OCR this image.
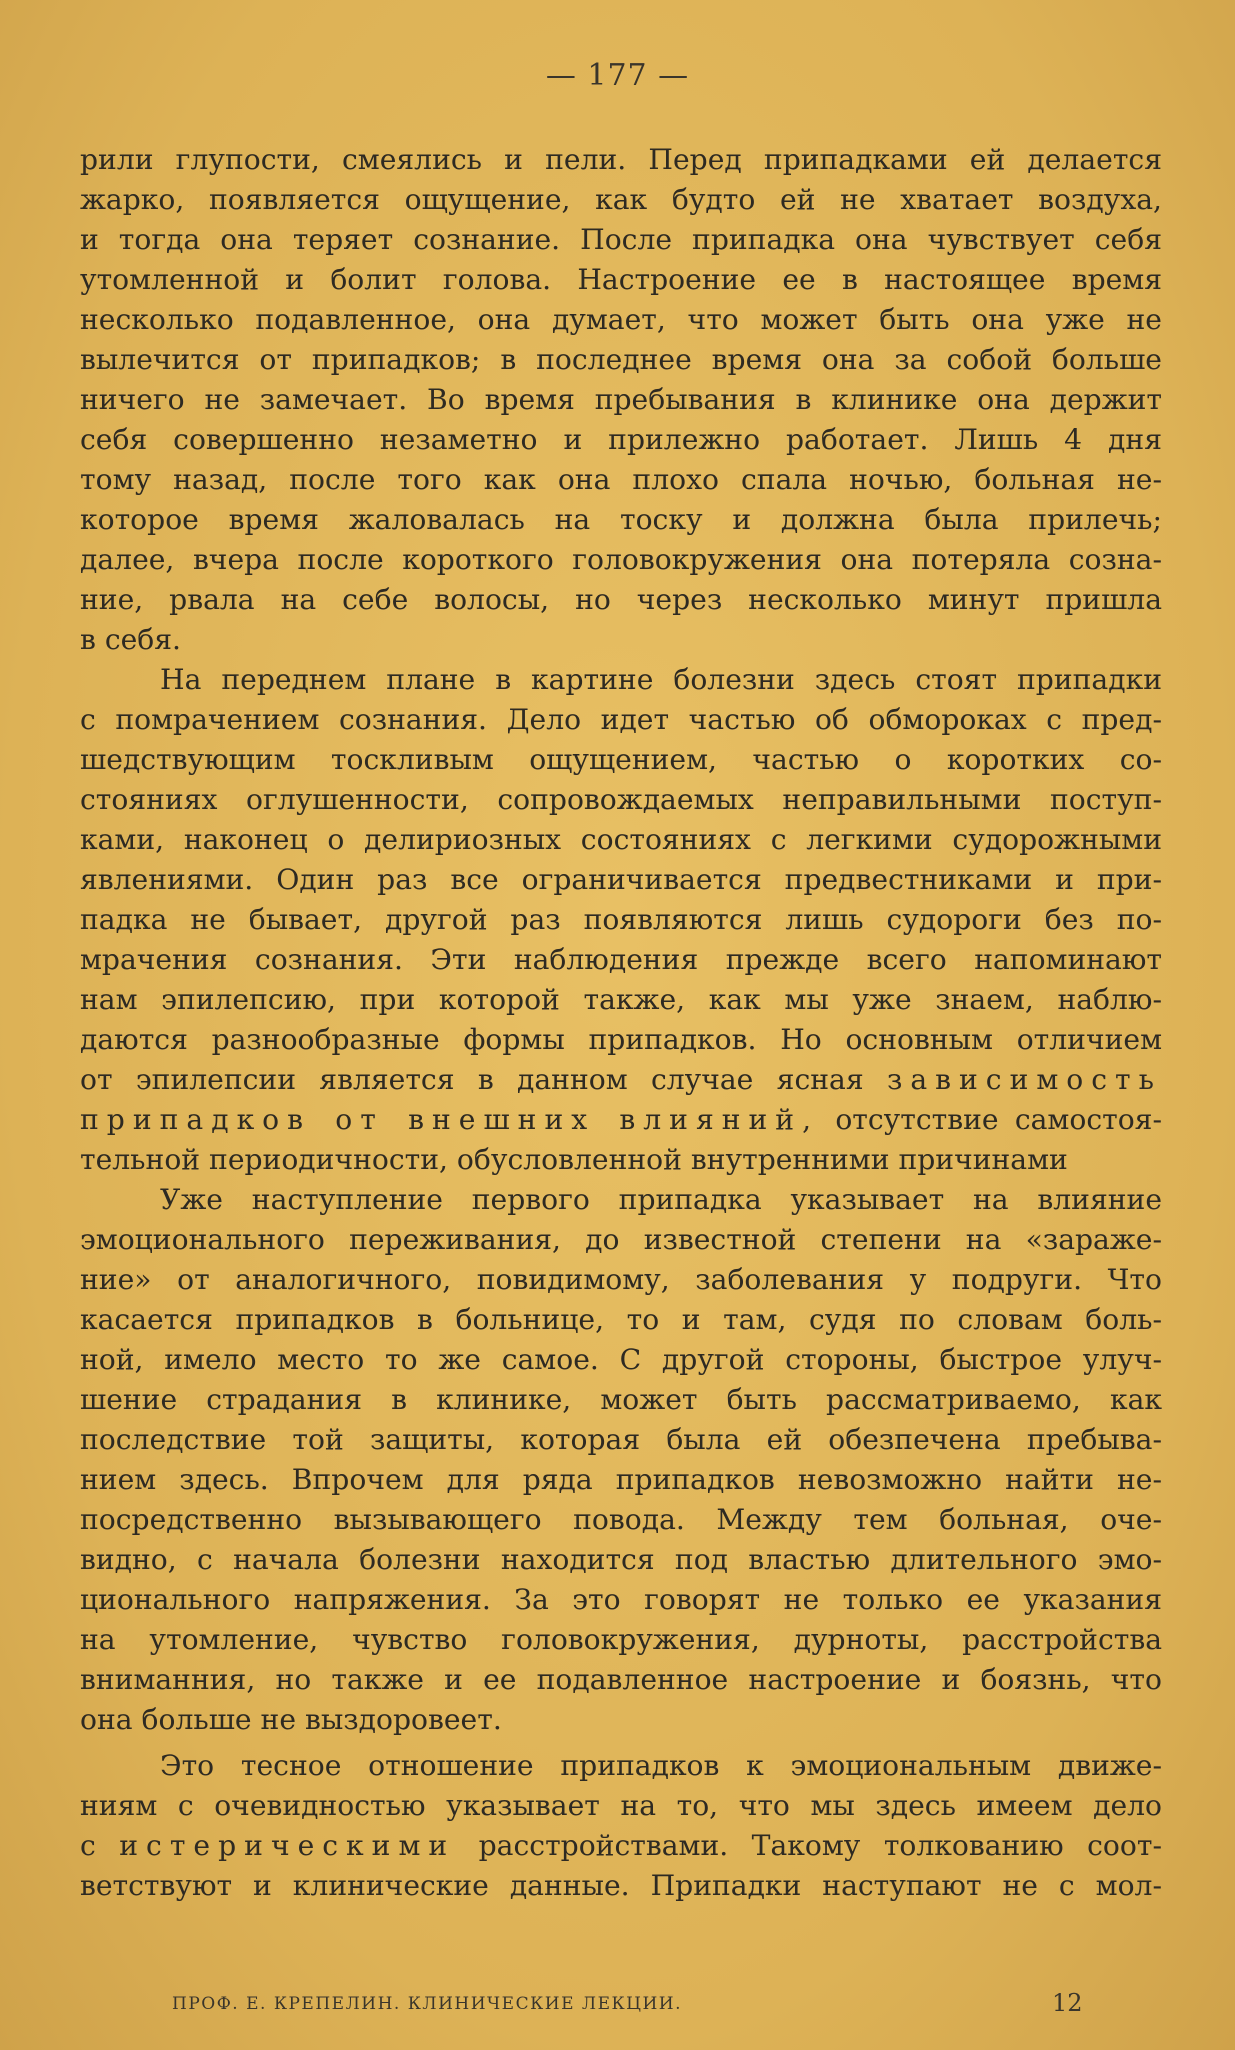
— 177 —
рили глупости, смеялись и пели. Перед припадками ей делается
жарко, появляется ощущение, как будто ей не хватает воздуха,
и тогда она теряет сознание. После припадка она чувствует себя
утомленной и болит голова. Настроение ее в настоящее время
несколько подавленное, она думает, что может быть она уже не
вылечится от припадков; в последнее время она за собой больше
ничего не замечает. Во время пребывания в клинике она держит
себя совершенно незаметно и прилежно работает. Лишь 4 дня
тому назад, после того как она плохо спала ночью, больная не-
которое время жаловалась на тоску и должна была прилечь;
далее, вчера после короткого головокружения она потеряла созна-
ние, рвала на себе волосы, но через несколько минут пришла
в себя.
На переднем плане в картине болезни здесь стоят припадки
с помрачением сознания. Дело идет частью об обмороках с пред-
шедствующим тоскливым ощущением, частью о коротких со-
стояниях оглушенности, сопровождаемых неправильными поступ-
ками, наконец о делириозных состояниях с легкими судорожными
явлениями. Один раз все ограничивается предвестниками и при-
падка не бывает, другой раз появляются лишь судороги без по-
мрачения сознания. Эти наблюдения прежде всего напоминают
нам эпилепсию, при которой также, как мы уже знаем, наблю-
даются разнообразные формы припадков. Но основным отличием
от эпилепсии является в данном случае ясная зависимость
припадков от внешних влияний, отсутствие самостоя-
тельной периодичности, обусловленной внутренними причинами
Уже наступление первого припадка указывает на влияние
эмоционального переживания, до известной степени на «зараже-
ние» от аналогичного, повидимому, заболевания у подруги. Что
касается припадков в больнице, то и там, судя по словам боль-
ной, имело место то же самое. С другой стороны, быстрое улуч-
шение страдания в клинике, может быть рассматриваемо, как
последствие той защиты, которая была ей обезпечена пребыва-
нием здесь. Впрочем для ряда припадков невозможно найти не-
посредственно вызывающего повода. Между тем больная, оче-
видно, с начала болезни находится под властью длительного эмо-
ционального напряжения. За это говорят не только ее указания
на утомление, чувство головокружения, дурноты, расстройства
вниманния, но также и ее подавленное настроение и боязнь, что
она больше не выздоровеет.
Это тесное отношение припадков к эмоциональным движе-
ниям с очевидностью указывает на то, что мы здесь имеем дело
с истерическими расстройствами. Такому толкованию соот-
ветствуют и клинические данные. Припадки наступают не с мол-
ПРОФ. Е. КРЕПЕЛИН. КЛИНИЧЕСКИЕ ЛЕКЦИИ.	12
